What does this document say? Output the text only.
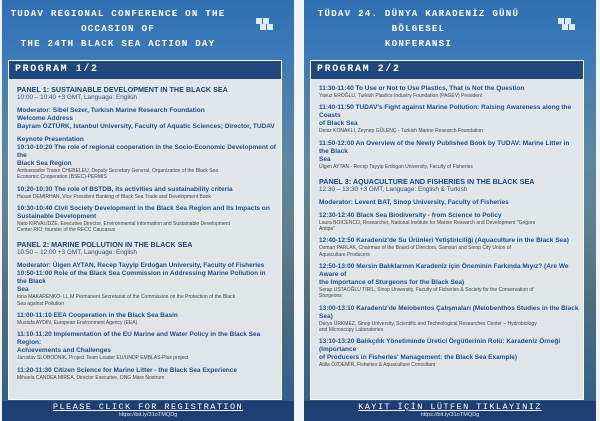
TUDAV REGIONAL CONFERENCE ON THE OCCASION OF
THE 24TH BLACK SEA ACTION DAY
PROGRAM 1/2

PANEL 1: SUSTAINABLE DEVELOPMENT IN THE BLACK SEA

10:00 – 10:40 +3 GMT, Language: English

Moderator: Sibel Sezer, Turkish Marine Research Foundation

Welcome Address

Bayram ÖZTÜRK, Istanbul University, Faculty of Aquatic Sciences; Director, TUDAV

Keynote Presentation

10:10-10:20 The role of regional cooperation in the Socio-Economic Development of the

Black Sea Region

Ambassador Traian CHEBELEU, Deputy Secretary General, Organization of the Black Sea

Economic Cooperation (BSEC)-PERMIS

10:20-10:30 The role of BSTDB, its activities and sustainability criteria

Hasan DEMIRHAN, Vice President Banking of Black Sea Trade and Development Bank

10:30-10:40 Civil Society Development in the Black Sea Region and its Impacts on

Sustainable Development

Nato KIRVALIDZE, Executive Director, Environmental Information and Sustainable Development

Center RIO; founder of the RECC Caucasus

PANEL 2: MARINE POLLUTION IN THE BLACK SEA

10:50 – 12:00 +3 GMT, Language: English

Moderator: Ülgen AYTAN, Recep Tayyip Erdoğan University, Faculty of Fisheries

10:50-11:00 Role of the Black Sea Commission in Addressing Marine Pollution in the Black

Sea

Irina MAKARENKO- LL.M Permanent Secretariat of the Commission on the Protection of the Black

Sea against Pollution

11:00-11:10 EEA Cooperation in the Black Sea Basin

Mustafa AYDIN, European Environment Agency (EEA)

11:10-11:20 Implementation of the EU Marine and Water Policy in the Black Sea Region:

Achievements and Challenges

Jaroslav SLOBODNIK, Project Team Leader EU/UNDP EMBLAS-Plus project

11:20-11:30 Citizen Science for Marine Litter - the Black Sea Experience

Mihaela CANDEA MIREA, Director Executive, ONG Mare Nostrum

PLEASE CLICK FOR REGISTRATION
https://bit.ly/31oTMQDg
TÜDAV 24. DÜNYA KARADENİZ GÜNÜ BÖLGESEL
KONFERANSI
PROGRAM 2/2

11:30-11:40 To Use or Not to Use Plastics, That is Not the Question

Yavuz EROĞLU, Turkish Plastics Industry Foundation (PAGEV) President

11:40-11:50 TUDAV's Fight against Marine Pollution: Raising Awareness along the Coasts

of Black Sea

Deniz KONAKLI, Zeynep GÜLENÇ - Turkish Marine Research Foundation

11:50-12:00 An Overview of the Newly Published Book by TUDAV: Marine Litter in the Black

Sea

Ülgen AYTAN - Recep Tayyip Erdogan University, Faculty of Fisheries

PANEL 3: AQUACULTURE AND FISHERIES IN THE BLACK SEA

12:30 – 13:30 +3 GMT, Language: English & Turkish

Moderator: Levent BAT, Sinop University, Faculty of Fisheries

12:30-12:40 Black Sea Biodiversity - from Science to Policy

Laura BOICENCO, Researcher, National Institute for Marine Research and Development "Grigore

Antipa"

12:40-12:50 Karadeniz'de Su Ürünleri Yetiştiriciliği (Aquaculture in the Black Sea)

Osman PARLAK, Chairman of the Board of Directors, Samsun and Sinop City Union of

Aquaculture Producers

12:50-13:00 Mersin Balıklarının Karadeniz için Öneminin Farkında Mıyız? (Are We Aware of

the Importance of Sturgeons for the Black Sea)

Serap USTAOĞLU TIRIL, Sinop University, Faculty of Fisheries & Society for the Conservation of

Sturgeons

13:00-13:10 Karadeniz'de Meiobentos Çalışmaları (Meiobenthos Studies in the Black Sea)

Derya ÜRKMEZ, Sinop University, Scientific and Technological Researches Center – Hydrobiology

and Microscopy Laboratories

13:10-13:20 Balıkçılık Yönetiminde Üretici Örgütlerinin Rolü: Karadeniz Örneği (Importance

of Producers in Fisheries' Management: the Black Sea Example)

Atilla ÖZDEMİR, Fisheries & Aquaculture Consultant

KAYIT İÇİN LÜTFEN TIKLAYINIZ
https://bit.ly/31oTMQDg
